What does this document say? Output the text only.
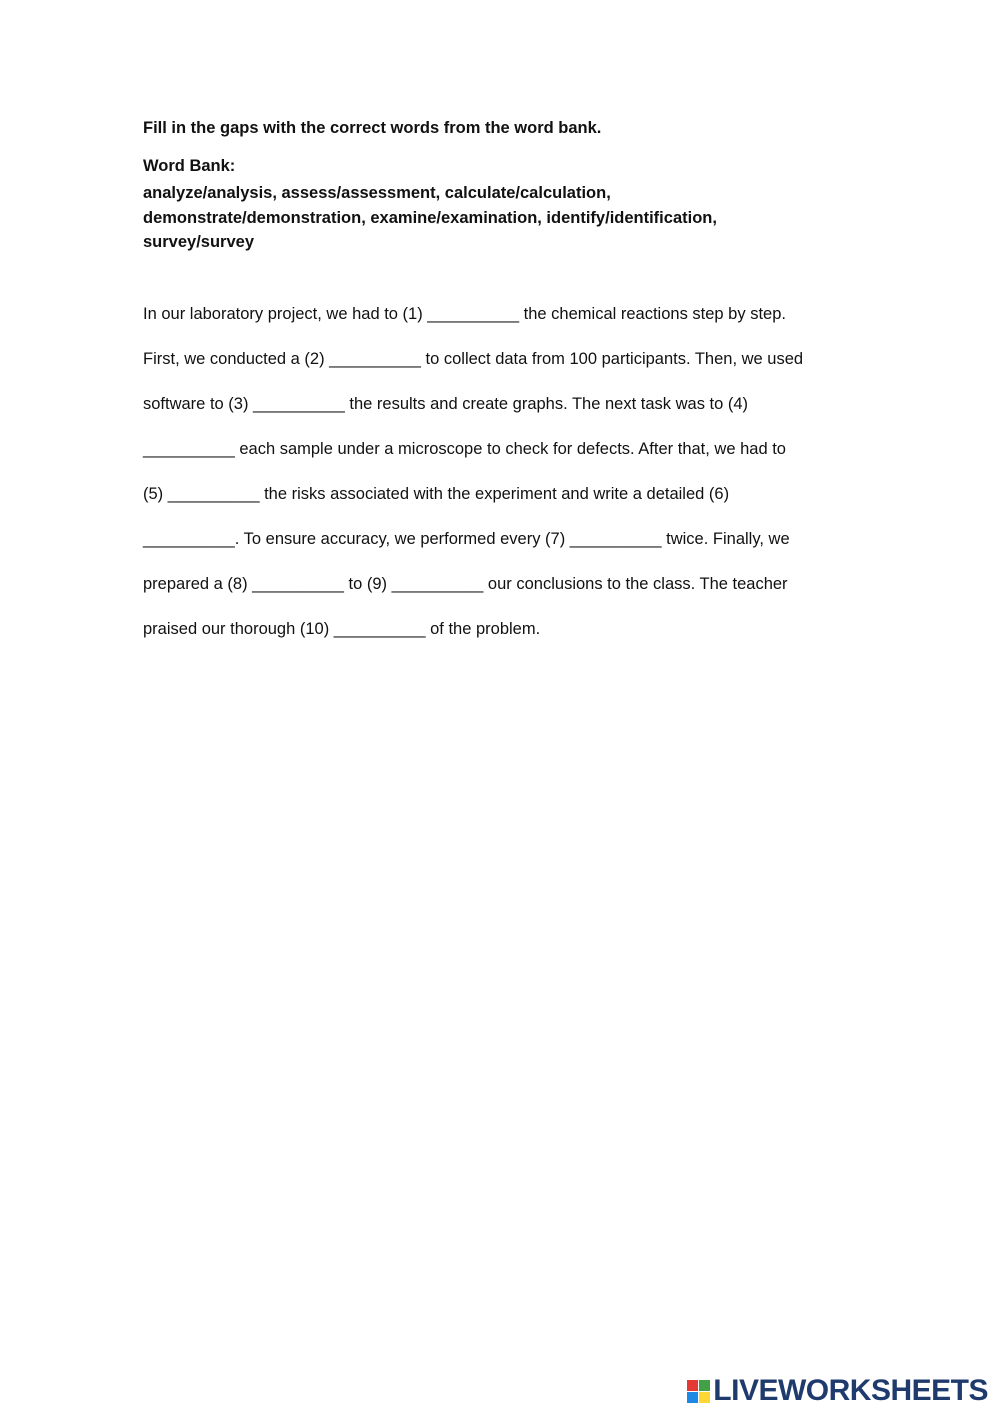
Fill in the gaps with the correct words from the word bank.

Word Bank:

analyze/analysis, assess/assessment, calculate/calculation,
demonstrate/demonstration, examine/examination, identify/identification,
survey/survey

In our laboratory project, we had to (1) __________ the chemical reactions step by step.

First, we conducted a (2) __________ to collect data from 100 participants. Then, we used

software to (3) __________ the results and create graphs. The next task was to (4)

__________ each sample under a microscope to check for defects. After that, we had to

(5) __________ the risks associated with the experiment and write a detailed (6)

__________. To ensure accuracy, we performed every (7) __________ twice. Finally, we

prepared a (8) __________ to (9) __________ our conclusions to the class. The teacher

praised our thorough (10) __________ of the problem.

LIVEWORKSHEETS
